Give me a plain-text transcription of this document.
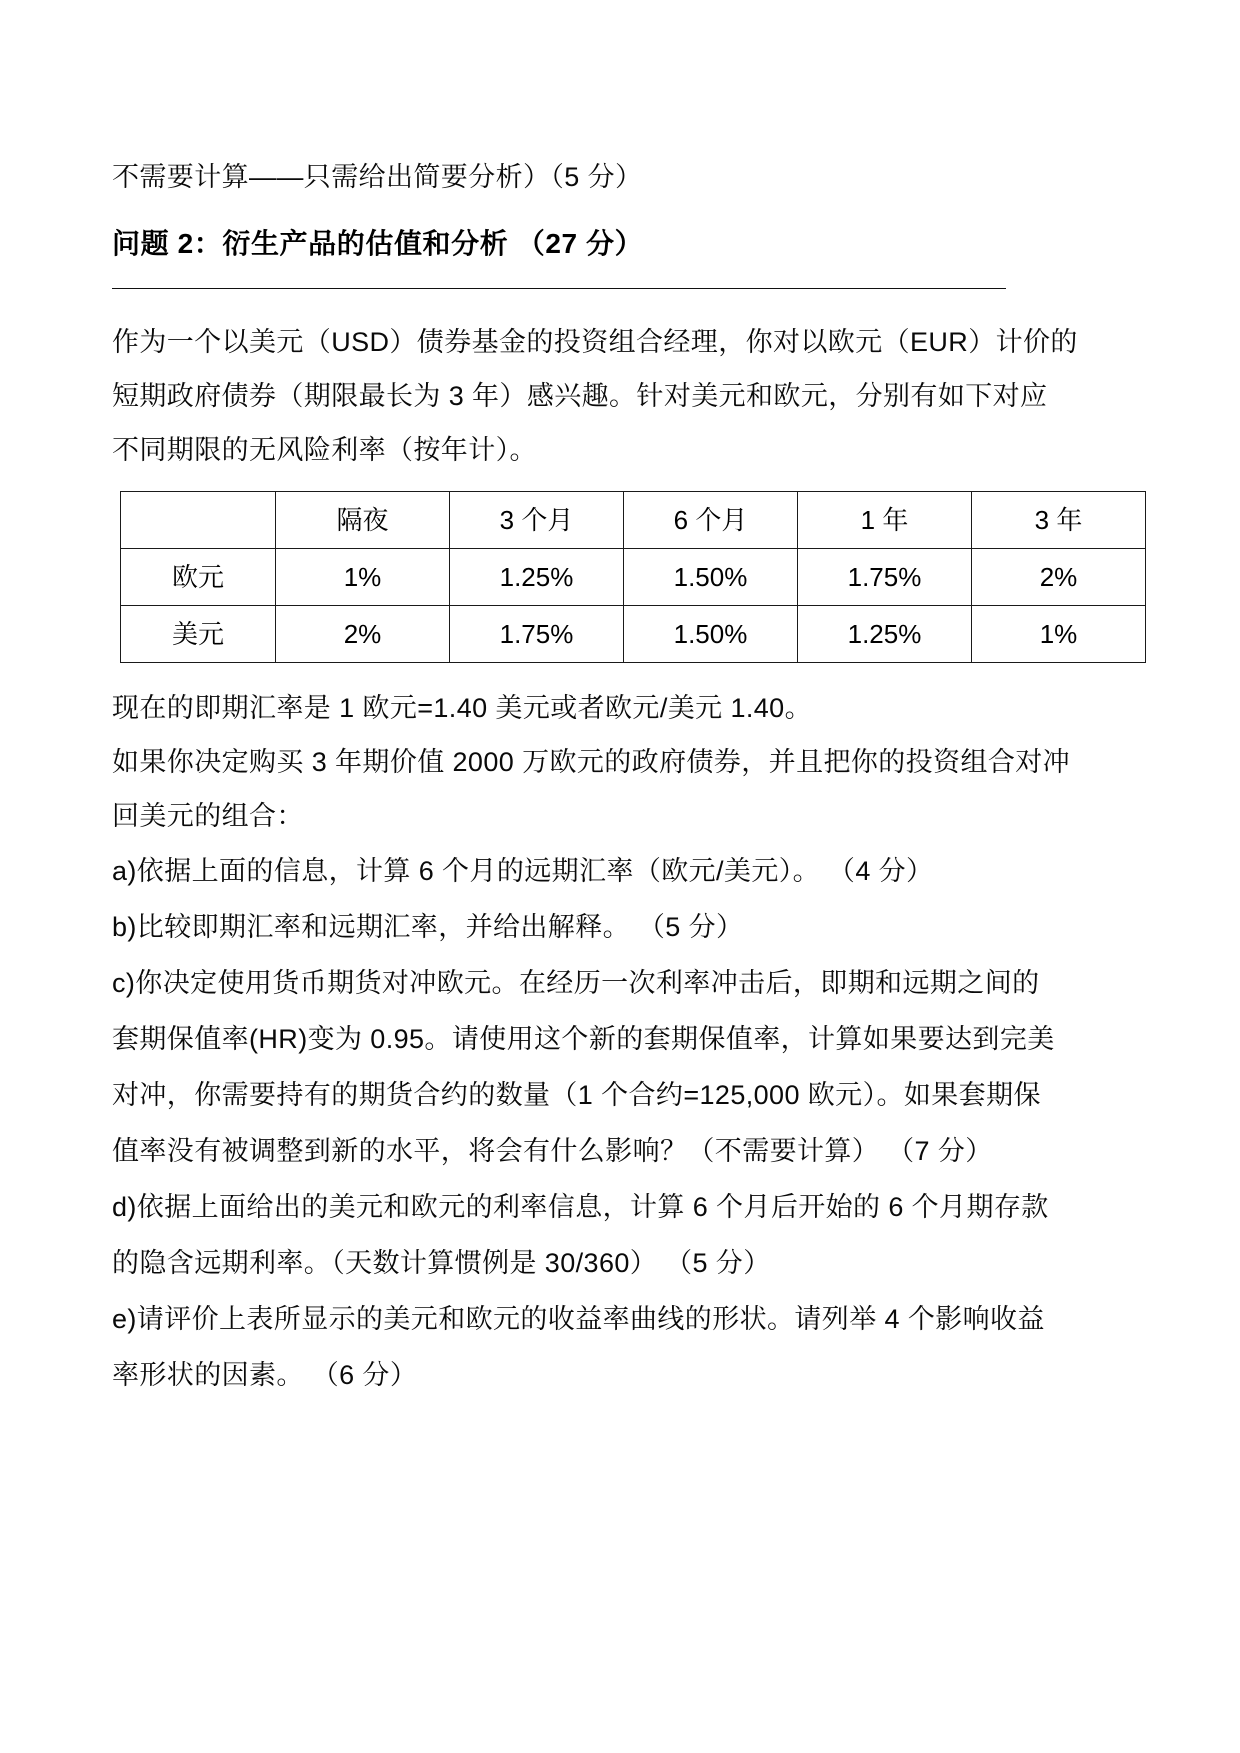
不需要计算——只需给出简要分析）（5 分）
问题 2：衍生产品的估值和分析 （27 分）
作为一个以美元（USD）债券基金的投资组合经理，你对以欧元（EUR）计价的
短期政府债券（期限最长为 3 年）感兴趣。针对美元和欧元，分别有如下对应
不同期限的无风险利率（按年计）。
	隔夜	3 个月	6 个月	1 年	3 年
欧元	1%	1.25%	1.50%	1.75%	2%
美元	2%	1.75%	1.50%	1.25%	1%
现在的即期汇率是 1 欧元=1.40 美元或者欧元/美元 1.40。
如果你决定购买 3 年期价值 2000 万欧元的政府债券，并且把你的投资组合对冲
回美元的组合：
a)依据上面的信息，计算 6 个月的远期汇率（欧元/美元）。 （4 分）
b)比较即期汇率和远期汇率，并给出解释。 （5 分）
c)你决定使用货币期货对冲欧元。在经历一次利率冲击后，即期和远期之间的
套期保值率(HR)变为 0.95。请使用这个新的套期保值率，计算如果要达到完美
对冲，你需要持有的期货合约的数量（1 个合约=125,000 欧元）。如果套期保
值率没有被调整到新的水平，将会有什么影响？（不需要计算） （7 分）
d)依据上面给出的美元和欧元的利率信息，计算 6 个月后开始的 6 个月期存款
的隐含远期利率。（天数计算惯例是 30/360） （5 分）
e)请评价上表所显示的美元和欧元的收益率曲线的形状。请列举 4 个影响收益
率形状的因素。 （6 分）
